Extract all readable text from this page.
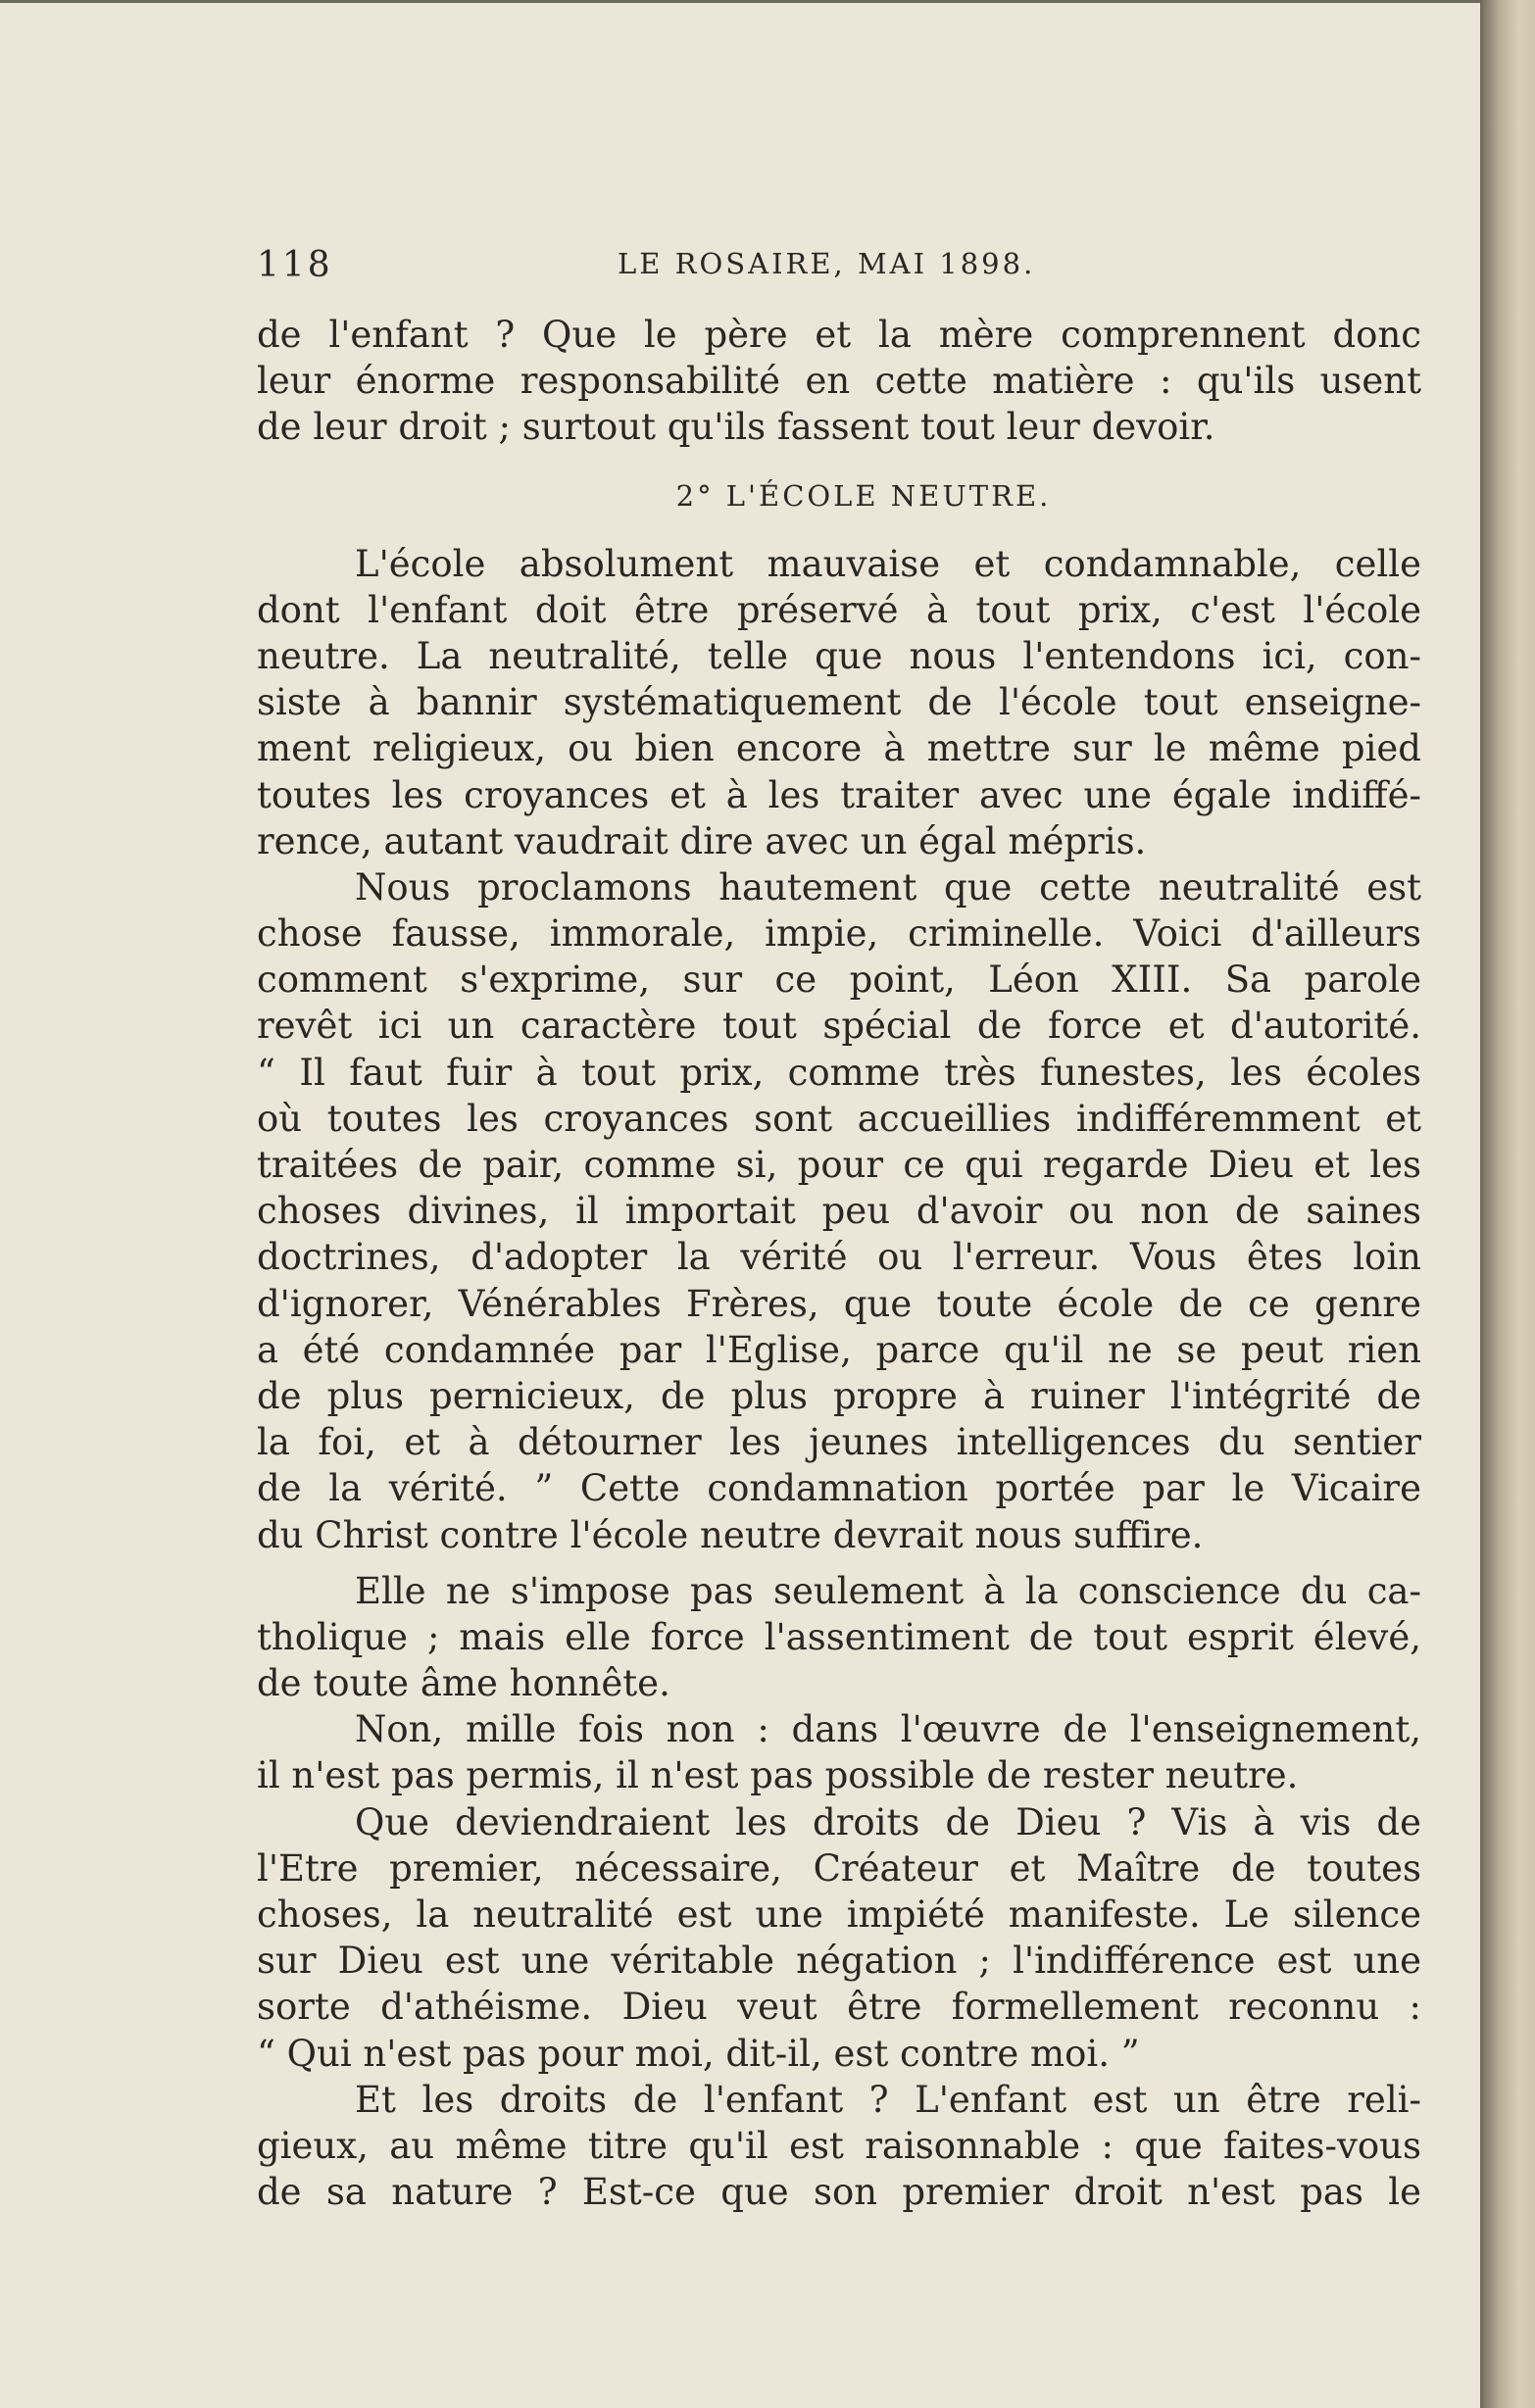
118	LE ROSAIRE, MAI 1898.
de l'enfant ? Que le père et la mère comprennent donc
leur énorme responsabilité en cette matière : qu'ils usent
de leur droit ; surtout qu'ils fassent tout leur devoir.
2° L'ÉCOLE NEUTRE.
L'école absolument mauvaise et condamnable, celle
dont l'enfant doit être préservé à tout prix, c'est l'école
neutre. La neutralité, telle que nous l'entendons ici, con-
siste à bannir systématiquement de l'école tout enseigne-
ment religieux, ou bien encore à mettre sur le même pied
toutes les croyances et à les traiter avec une égale indiffé-
rence, autant vaudrait dire avec un égal mépris.
Nous proclamons hautement que cette neutralité est
chose fausse, immorale, impie, criminelle. Voici d'ailleurs
comment s'exprime, sur ce point, Léon XIII. Sa parole
revêt ici un caractère tout spécial de force et d'autorité.
“ Il faut fuir à tout prix, comme très funestes, les écoles
où toutes les croyances sont accueillies indifféremment et
traitées de pair, comme si, pour ce qui regarde Dieu et les
choses divines, il importait peu d'avoir ou non de saines
doctrines, d'adopter la vérité ou l'erreur. Vous êtes loin
d'ignorer, Vénérables Frères, que toute école de ce genre
a été condamnée par l'Eglise, parce qu'il ne se peut rien
de plus pernicieux, de plus propre à ruiner l'intégrité de
la foi, et à détourner les jeunes intelligences du sentier
de la vérité. ” Cette condamnation portée par le Vicaire
du Christ contre l'école neutre devrait nous suffire.
Elle ne s'impose pas seulement à la conscience du ca-
tholique ; mais elle force l'assentiment de tout esprit élevé,
de toute âme honnête.
Non, mille fois non : dans l'œuvre de l'enseignement,
il n'est pas permis, il n'est pas possible de rester neutre.
Que deviendraient les droits de Dieu ? Vis à vis de
l'Etre premier, nécessaire, Créateur et Maître de toutes
choses, la neutralité est une impiété manifeste. Le silence
sur Dieu est une véritable négation ; l'indifférence est une
sorte d'athéisme. Dieu veut être formellement reconnu :
“ Qui n'est pas pour moi, dit-il, est contre moi. ”
Et les droits de l'enfant ? L'enfant est un être reli-
gieux, au même titre qu'il est raisonnable : que faites-vous
de sa nature ? Est-ce que son premier droit n'est pas le
